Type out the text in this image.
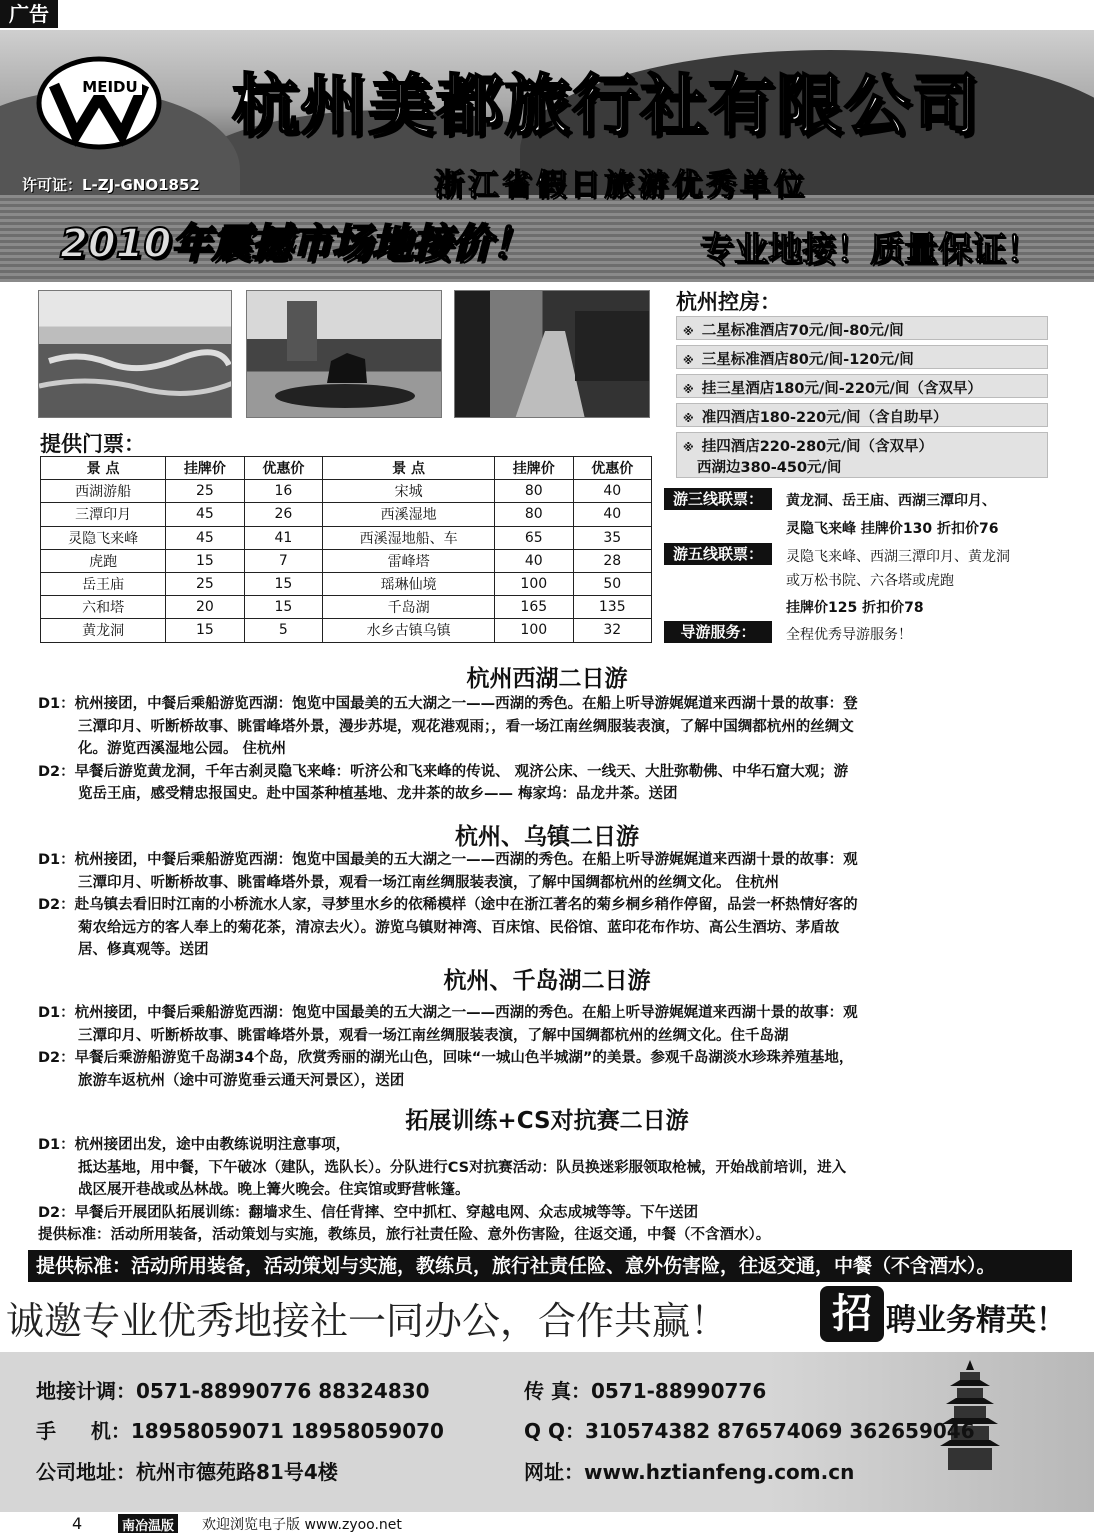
广告
MEIDU 杭州美都旅行社有限公司
许可证：L-ZJ-GNO1852	浙江省假日旅游优秀单位
2010年震撼市场地接价！	专业地接！质量保证！
提供门票：
景 点	挂牌价	优惠价	景 点	挂牌价	优惠价
西湖游船	25	16	宋城	80	40
三潭印月	45	26	西溪湿地	80	40
灵隐飞来峰	45	41	西溪湿地船、车	65	35
虎跑	15	7	雷峰塔	40	28
岳王庙	25	15	瑶琳仙境	100	50
六和塔	20	15	千岛湖	165	135
黄龙洞	15	5	水乡古镇乌镇	100	32
杭州控房：
※ 二星标准酒店70元/间-80元/间
※ 三星标准酒店80元/间-120元/间
※ 挂三星酒店180元/间-220元/间（含双早）
※ 准四酒店180-220元/间（含自助早）
※ 挂四酒店220-280元/间（含双早）
西湖边380-450元/间
游三线联票：	黄龙洞、岳王庙、西湖三潭印月、
灵隐飞来峰 挂牌价130 折扣价76
游五线联票：	灵隐飞来峰、西湖三潭印月、黄龙洞
或万松书院、六各塔或虎跑
挂牌价125 折扣价78
导游服务：	全程优秀导游服务！
杭州西湖二日游
D1：杭州接团，中餐后乘船游览西湖：饱览中国最美的五大湖之一——西湖的秀色。在船上听导游娓娓道来西湖十景的故事：登
三潭印月、听断桥故事、眺雷峰塔外景，漫步苏堤，观花港观雨；，看一场江南丝绸服装表演，了解中国绸都杭州的丝绸文
化。游览西溪湿地公园。 住杭州
D2：早餐后游览黄龙洞，千年古刹灵隐飞来峰：听济公和飞来峰的传说、 观济公床、一线天、大肚弥勒佛、中华石窟大观；游
览岳王庙，感受精忠报国史。赴中国茶种植基地、龙井茶的故乡—— 梅家坞：品龙井茶。送团
杭州、乌镇二日游
D1：杭州接团，中餐后乘船游览西湖：饱览中国最美的五大湖之一——西湖的秀色。在船上听导游娓娓道来西湖十景的故事：观
三潭印月、听断桥故事、眺雷峰塔外景，观看一场江南丝绸服装表演，了解中国绸都杭州的丝绸文化。 住杭州
D2：赴乌镇去看旧时江南的小桥流水人家，寻梦里水乡的依稀模样（途中在浙江著名的菊乡桐乡稍作停留，品尝一杯热情好客的
菊农给远方的客人奉上的菊花茶，清凉去火）。游览乌镇财神湾、百床馆、民俗馆、蓝印花布作坊、高公生酒坊、茅盾故
居、修真观等。送团
杭州、千岛湖二日游
D1：杭州接团，中餐后乘船游览西湖：饱览中国最美的五大湖之一——西湖的秀色。在船上听导游娓娓道来西湖十景的故事：观
三潭印月、听断桥故事、眺雷峰塔外景，观看一场江南丝绸服装表演，了解中国绸都杭州的丝绸文化。住千岛湖
D2：早餐后乘游船游览千岛湖34个岛，欣赏秀丽的湖光山色，回味“一城山色半城湖”的美景。参观千岛湖淡水珍珠养殖基地，
旅游车返杭州（途中可游览垂云通天河景区），送团
拓展训练+CS对抗赛二日游
D1：杭州接团出发，途中由教练说明注意事项，
抵达基地，用中餐，下午破冰（建队，选队长）。分队进行CS对抗赛活动：队员换迷彩服领取枪械，开始战前培训，进入
战区展开巷战或丛林战。晚上篝火晚会。住宾馆或野营帐篷。
D2：早餐后开展团队拓展训练：翻墙求生、信任背摔、空中抓杠、穿越电网、众志成城等等。下午送团
提供标准：活动所用装备，活动策划与实施，教练员，旅行社责任险、意外伤害险，往返交通，中餐（不含酒水）。
提供标准：活动所用装备，活动策划与实施，教练员，旅行社责任险、意外伤害险，往返交通，中餐（不含酒水）。
诚邀专业优秀地接社一同办公，合作共赢！	招 聘业务精英！
地接计调：0571-88990776 88324830	传 真：0571-88990776
手     机：18958059071 18958059070	Q Q：310574382 876574069 362659046
公司地址：杭州市德苑路81号4楼	网址：www.hztianfeng.com.cn
4	南冶温版 欢迎浏览电子版 www.zyoo.net
